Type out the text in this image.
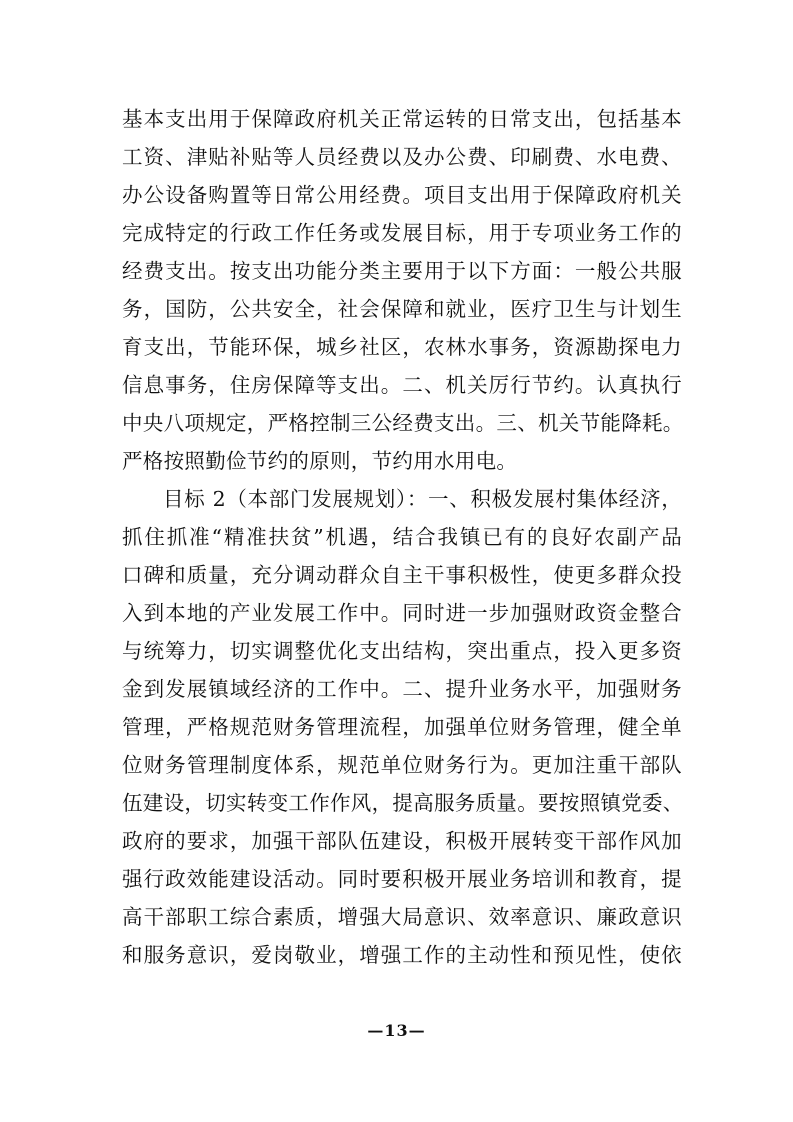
基本支出用于保障政府机关正常运转的日常支出，包括基本
工资、津贴补贴等人员经费以及办公费、印刷费、水电费、
办公设备购置等日常公用经费。项目支出用于保障政府机关
完成特定的行政工作任务或发展目标，用于专项业务工作的
经费支出。按支出功能分类主要用于以下方面：一般公共服
务，国防，公共安全，社会保障和就业，医疗卫生与计划生
育支出，节能环保，城乡社区，农林水事务，资源勘探电力
信息事务，住房保障等支出。二、机关厉行节约。认真执行
中央八项规定，严格控制三公经费支出。三、机关节能降耗。
严格按照勤俭节约的原则，节约用水用电。
目标 2（本部门发展规划）：一、积极发展村集体经济，
抓住抓准“精准扶贫”机遇，结合我镇已有的良好农副产品
口碑和质量，充分调动群众自主干事积极性，使更多群众投
入到本地的产业发展工作中。同时进一步加强财政资金整合
与统筹力，切实调整优化支出结构，突出重点，投入更多资
金到发展镇域经济的工作中。二、提升业务水平，加强财务
管理，严格规范财务管理流程，加强单位财务管理，健全单
位财务管理制度体系，规范单位财务行为。更加注重干部队
伍建设，切实转变工作作风，提高服务质量。要按照镇党委、
政府的要求，加强干部队伍建设，积极开展转变干部作风加
强行政效能建设活动。同时要积极开展业务培训和教育，提
高干部职工综合素质，增强大局意识、效率意识、廉政意识
和服务意识，爱岗敬业，增强工作的主动性和预见性，使依
—13—
